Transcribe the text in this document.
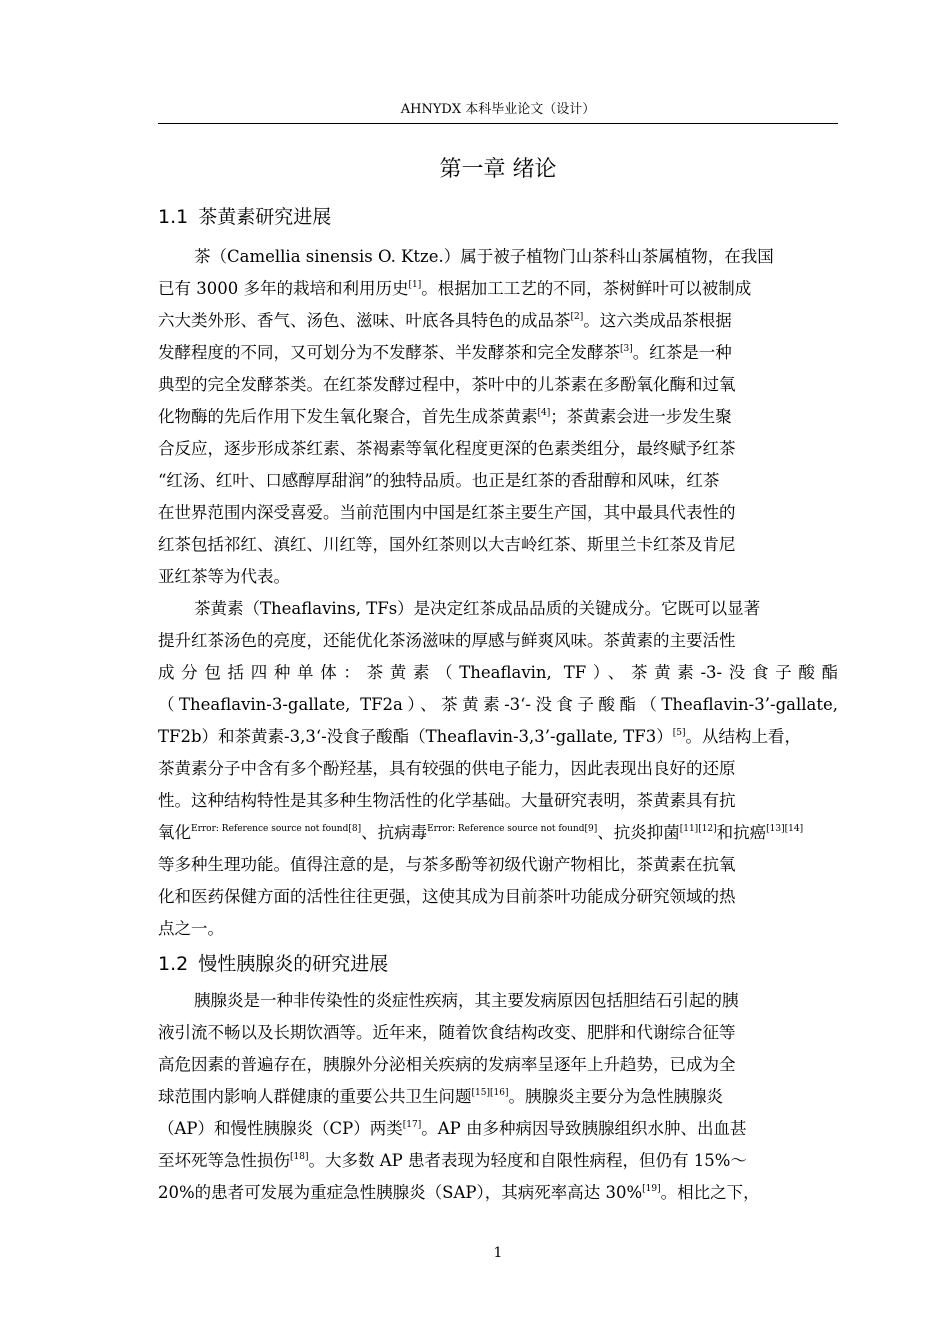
AHNYDX 本科毕业论文（设计）
第一章 绪论
1.1 茶黄素研究进展
茶（Camellia sinensis O. Ktze.）属于被子植物门山茶科山茶属植物，在我国
已有 3000 多年的栽培和利用历史[1]。根据加工工艺的不同，茶树鲜叶可以被制成
六大类外形、香气、汤色、滋味、叶底各具特色的成品茶[2]。这六类成品茶根据
发酵程度的不同，又可划分为不发酵茶、半发酵茶和完全发酵茶[3]。红茶是一种
典型的完全发酵茶类。在红茶发酵过程中，茶叶中的儿茶素在多酚氧化酶和过氧
化物酶的先后作用下发生氧化聚合，首先生成茶黄素[4]；茶黄素会进一步发生聚
合反应，逐步形成茶红素、茶褐素等氧化程度更深的色素类组分，最终赋予红茶
“红汤、红叶、口感醇厚甜润”的独特品质。也正是红茶的香甜醇和风味，红茶
在世界范围内深受喜爱。当前范围内中国是红茶主要生产国，其中最具代表性的
红茶包括祁红、滇红、川红等，国外红茶则以大吉岭红茶、斯里兰卡红茶及肯尼
亚红茶等为代表。
茶黄素（Theaflavins, TFs）是决定红茶成品品质的关键成分。它既可以显著
提升红茶汤色的亮度，还能优化茶汤滋味的厚感与鲜爽风味。茶黄素的主要活性
成分包括四种单体：茶黄素（Theaflavin, TF）、茶黄素-3-没食子酸酯
（Theaflavin-3-gallate, TF2a）、茶黄素-3‘-没食子酸酯（Theaflavin-3’-gallate,
TF2b）和茶黄素-3,3‘-没食子酸酯（Theaflavin-3,3’-gallate, TF3）[5]。从结构上看，
茶黄素分子中含有多个酚羟基，具有较强的供电子能力，因此表现出良好的还原
性。这种结构特性是其多种生物活性的化学基础。大量研究表明，茶黄素具有抗
氧化$^{Error: Reference source not found[8]}$、抗病毒$^{Error: Reference source not found[9]}$、抗炎抑菌[11][12]和抗癌[13][14]
等多种生理功能。值得注意的是，与茶多酚等初级代谢产物相比，茶黄素在抗氧
化和医药保健方面的活性往往更强，这使其成为目前茶叶功能成分研究领域的热
点之一。
1.2 慢性胰腺炎的研究进展
胰腺炎是一种非传染性的炎症性疾病，其主要发病原因包括胆结石引起的胰
液引流不畅以及长期饮酒等。近年来，随着饮食结构改变、肥胖和代谢综合征等
高危因素的普遍存在，胰腺外分泌相关疾病的发病率呈逐年上升趋势，已成为全
球范围内影响人群健康的重要公共卫生问题[15][16]。胰腺炎主要分为急性胰腺炎
（AP）和慢性胰腺炎（CP）两类[17]。AP 由多种病因导致胰腺组织水肿、出血甚
至坏死等急性损伤[18]。大多数 AP 患者表现为轻度和自限性病程，但仍有 15%～
20%的患者可发展为重症急性胰腺炎（SAP），其病死率高达 30%[19]。相比之下，
1
